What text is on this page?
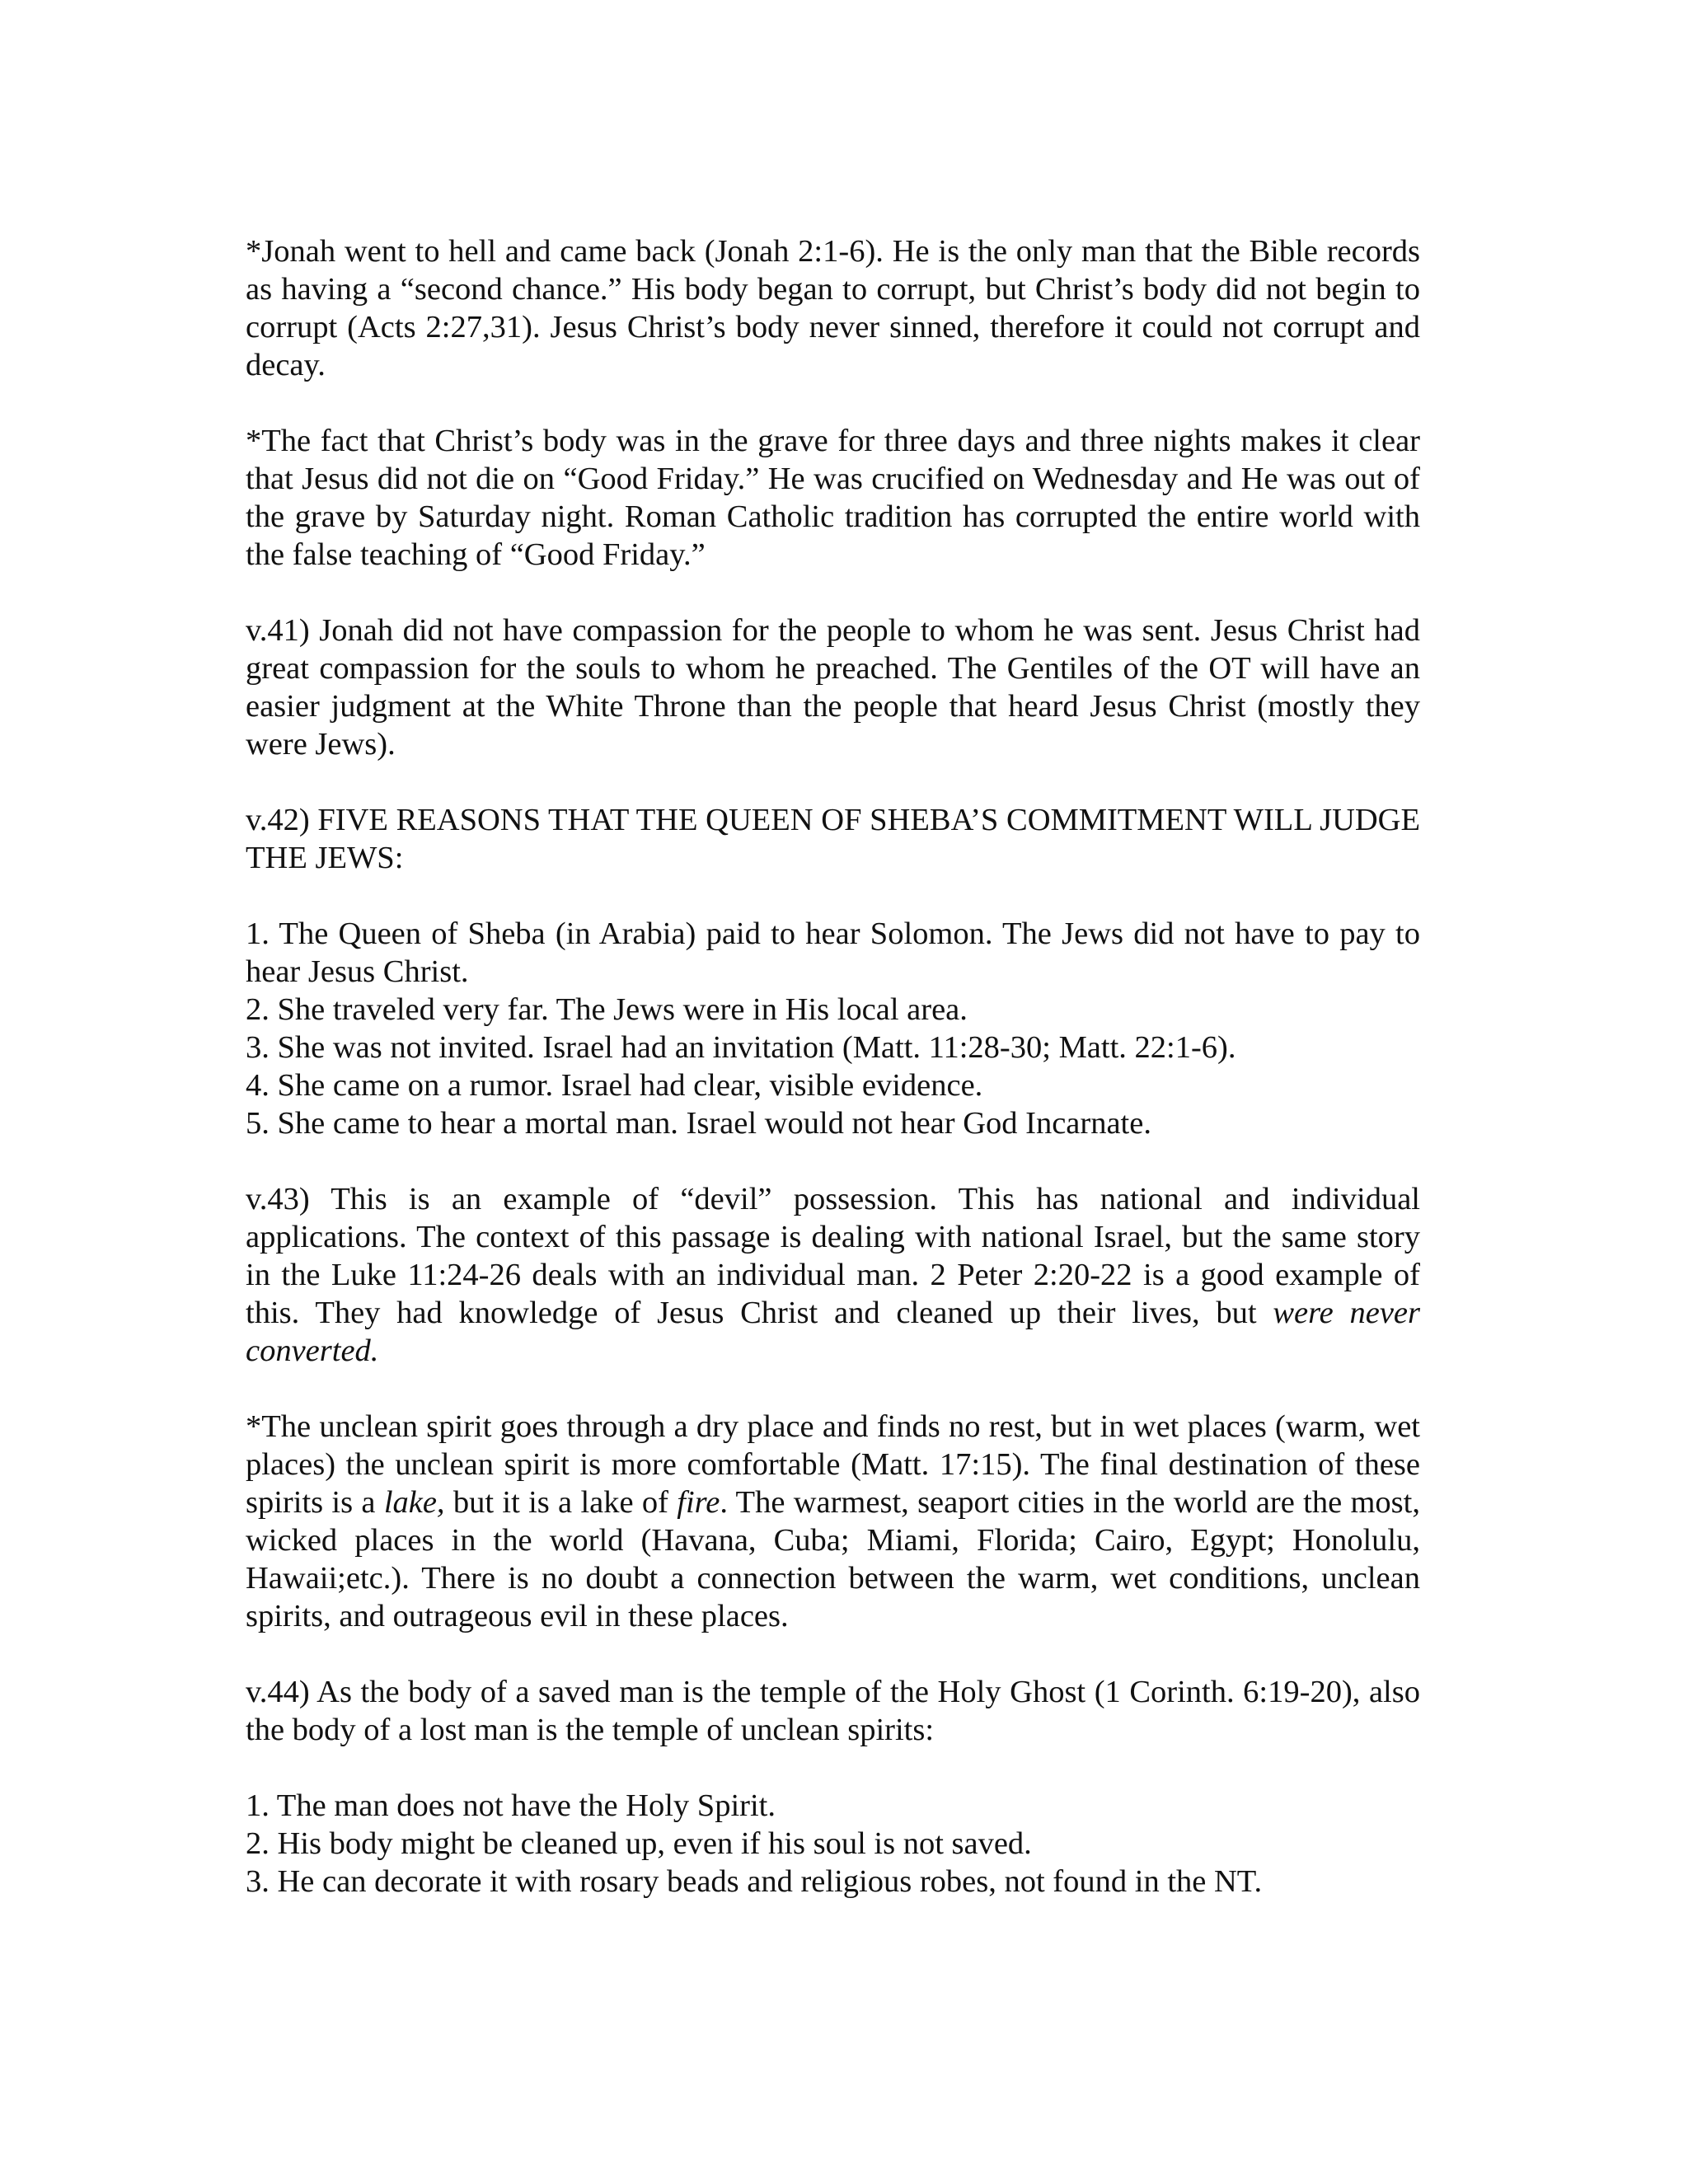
*Jonah went to hell and came back (Jonah 2:1-6). He is the only man that the Bible records as having a “second chance.” His body began to corrupt, but Christ’s body did not begin to corrupt (Acts 2:27,31). Jesus Christ’s body never sinned, therefore it could not corrupt and decay.

*The fact that Christ’s body was in the grave for three days and three nights makes it clear that Jesus did not die on “Good Friday.” He was crucified on Wednesday and He was out of the grave by Saturday night. Roman Catholic tradition has corrupted the entire world with the false teaching of “Good Friday.”

v.41) Jonah did not have compassion for the people to whom he was sent. Jesus Christ had great compassion for the souls to whom he preached. The Gentiles of the OT will have an easier judgment at the White Throne than the people that heard Jesus Christ (mostly they were Jews).

v.42) FIVE REASONS THAT THE QUEEN OF SHEBA’S COMMITMENT WILL JUDGE THE JEWS:

1. The Queen of Sheba (in Arabia) paid to hear Solomon. The Jews did not have to pay to hear Jesus Christ.
2. She traveled very far. The Jews were in His local area.
3. She was not invited. Israel had an invitation (Matt. 11:28-30; Matt. 22:1-6).
4. She came on a rumor. Israel had clear, visible evidence.
5. She came to hear a mortal man. Israel would not hear God Incarnate.

v.43) This is an example of “devil” possession. This has national and individual applications. The context of this passage is dealing with national Israel, but the same story in the Luke 11:24-26 deals with an individual man. 2 Peter 2:20-22 is a good example of this. They had knowledge of Jesus Christ and cleaned up their lives, but were never converted.

*The unclean spirit goes through a dry place and finds no rest, but in wet places (warm, wet places) the unclean spirit is more comfortable (Matt. 17:15). The final destination of these spirits is a lake, but it is a lake of fire. The warmest, seaport cities in the world are the most, wicked places in the world (Havana, Cuba; Miami, Florida; Cairo, Egypt; Honolulu, Hawaii;etc.). There is no doubt a connection between the warm, wet conditions, unclean spirits, and outrageous evil in these places.

v.44) As the body of a saved man is the temple of the Holy Ghost (1 Corinth. 6:19-20), also the body of a lost man is the temple of unclean spirits:

1. The man does not have the Holy Spirit.
2. His body might be cleaned up, even if his soul is not saved.
3. He can decorate it with rosary beads and religious robes, not found in the NT.
